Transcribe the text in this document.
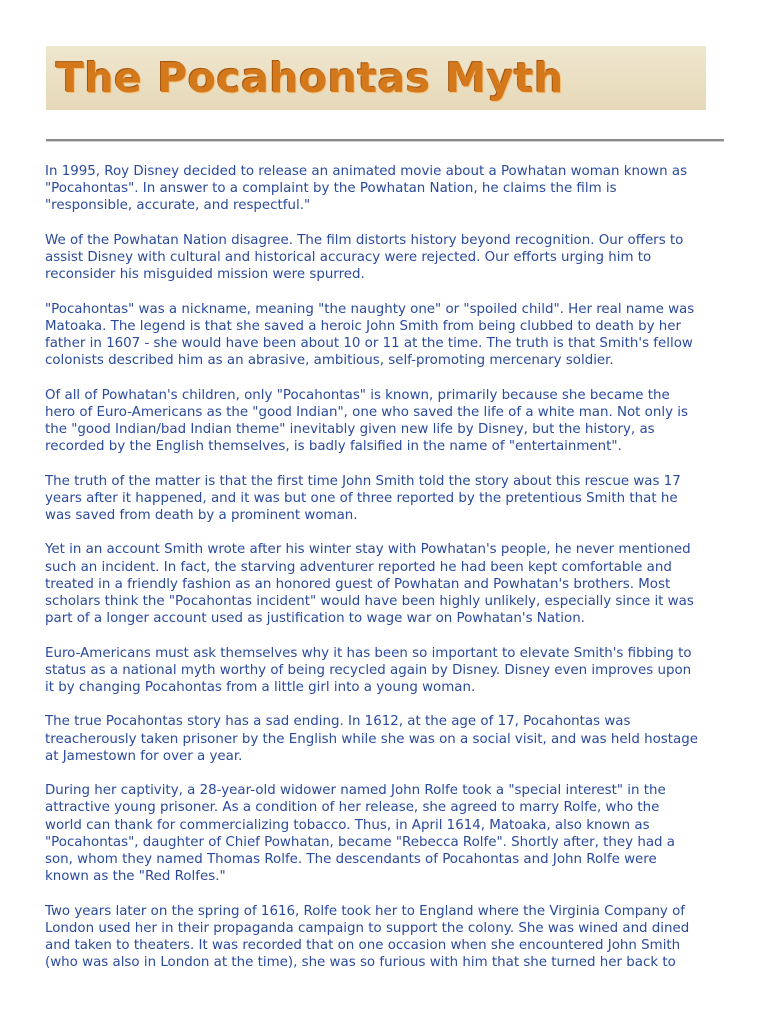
The Pocahontas Myth

In 1995, Roy Disney decided to release an animated movie about a Powhatan woman known as
"Pocahontas". In answer to a complaint by the Powhatan Nation, he claims the film is
"responsible, accurate, and respectful."

We of the Powhatan Nation disagree. The film distorts history beyond recognition. Our offers to
assist Disney with cultural and historical accuracy were rejected. Our efforts urging him to
reconsider his misguided mission were spurred.

"Pocahontas" was a nickname, meaning "the naughty one" or "spoiled child". Her real name was
Matoaka. The legend is that she saved a heroic John Smith from being clubbed to death by her
father in 1607 - she would have been about 10 or 11 at the time. The truth is that Smith's fellow
colonists described him as an abrasive, ambitious, self-promoting mercenary soldier.

Of all of Powhatan's children, only "Pocahontas" is known, primarily because she became the
hero of Euro-Americans as the "good Indian", one who saved the life of a white man. Not only is
the "good Indian/bad Indian theme" inevitably given new life by Disney, but the history, as
recorded by the English themselves, is badly falsified in the name of "entertainment".

The truth of the matter is that the first time John Smith told the story about this rescue was 17
years after it happened, and it was but one of three reported by the pretentious Smith that he
was saved from death by a prominent woman.

Yet in an account Smith wrote after his winter stay with Powhatan's people, he never mentioned
such an incident. In fact, the starving adventurer reported he had been kept comfortable and
treated in a friendly fashion as an honored guest of Powhatan and Powhatan's brothers. Most
scholars think the "Pocahontas incident" would have been highly unlikely, especially since it was
part of a longer account used as justification to wage war on Powhatan's Nation.

Euro-Americans must ask themselves why it has been so important to elevate Smith's fibbing to
status as a national myth worthy of being recycled again by Disney. Disney even improves upon
it by changing Pocahontas from a little girl into a young woman.

The true Pocahontas story has a sad ending. In 1612, at the age of 17, Pocahontas was
treacherously taken prisoner by the English while she was on a social visit, and was held hostage
at Jamestown for over a year.

During her captivity, a 28-year-old widower named John Rolfe took a "special interest" in the
attractive young prisoner. As a condition of her release, she agreed to marry Rolfe, who the
world can thank for commercializing tobacco. Thus, in April 1614, Matoaka, also known as
"Pocahontas", daughter of Chief Powhatan, became "Rebecca Rolfe". Shortly after, they had a
son, whom they named Thomas Rolfe. The descendants of Pocahontas and John Rolfe were
known as the "Red Rolfes."

Two years later on the spring of 1616, Rolfe took her to England where the Virginia Company of
London used her in their propaganda campaign to support the colony. She was wined and dined
and taken to theaters. It was recorded that on one occasion when she encountered John Smith
(who was also in London at the time), she was so furious with him that she turned her back to
